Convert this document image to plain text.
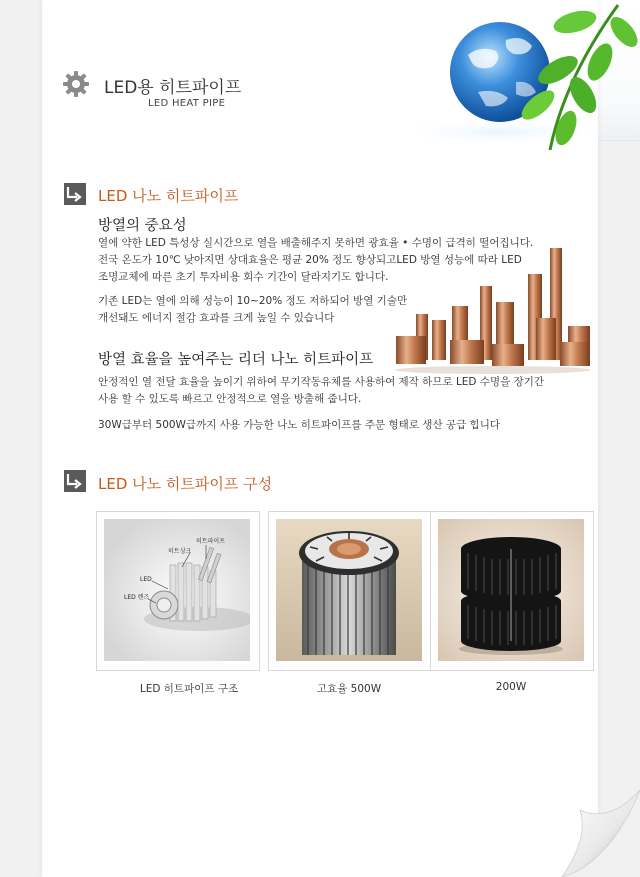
LED용 히트파이프
LED HEAT PIPE
LED 나노 히트파이프
방열의 중요성

열에 약한 LED 특성상 실시간으로 열을 배출해주지 못하면 광효율 • 수명이 급격히 떨어집니다.

전국 온도가 10℃ 낮아지면 상대효율은 평균 20% 정도 향상되고LED 방열 성능에 따라 LED

조명교체에 따른 초기 투자비용 회수 기간이 달라지기도 합니다.

기존 LED는 열에 의해 성능이 10~20% 정도 저하되어 방열 기술만

개선돼도 에너지 절감 효과를 크게 높일 수 있습니다

방열 효율을 높여주는 리더 나노 히트파이프

안정적인 열 전달 효율을 높이기 위하여 무기작동유체를 사용하여 제작 하므로 LED 수명을 장기간

사용 할 수 있도록 빠르고 안정적으로 열을 방출해 줍니다.

30W급부터 500W급까지 사용 가능한 나노 히트파이프를 주문 형태로 생산 공급 힙니다

LED 나노 히트파이프 구성
히트싱크
히트파이프
LED
LED 렌즈
LED 히트파이프 구조	고효율 500W	200W
